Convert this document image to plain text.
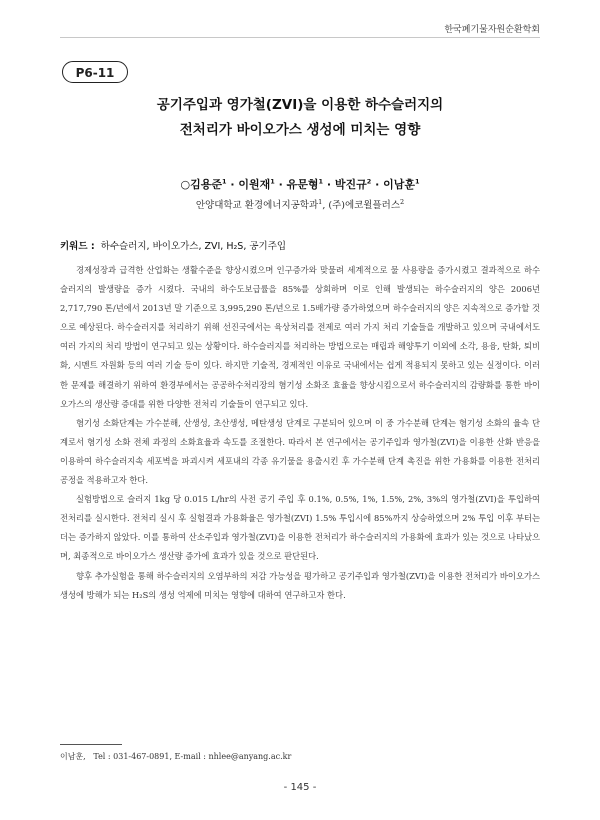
한국폐기물자원순환학회
P6-11
공기주입과 영가철(ZVI)을 이용한 하수슬러지의
전처리가 바이오가스 생성에 미치는 영향
○김용준$^1$ · 이원재$^1$ · 유문형$^1$ · 박진규$^2$ · 이남훈$^1$
안양대학교 환경에너지공학과$^1$, (주)에코윌플러스$^2$
키워드 : 하수슬러지, 바이오가스, ZVI, H₂S, 공기주입

경제성장과 급격한 산업화는 생활수준을 향상시켰으며 인구증가와 맞물려 세계적으로 물 사용량을 증가시켰고 결과적으로 하수슬러지의 발생량을 증가 시켰다. 국내의 하수도보급률을 85%를 상회하며 이로 인해 발생되는 하수슬러지의 양은 2006년 2,717,790 톤/년에서 2013년 말 기준으로 3,995,290 톤/년으로 1.5배가량 증가하였으며 하수슬러지의 양은 지속적으로 증가할 것으로 예상된다. 하수슬러지를 처리하기 위해 선진국에서는 육상처리를 전제로 여러 가지 처리 기술들을 개발하고 있으며 국내에서도 여러 가지의 처리 방법이 연구되고 있는 상황이다. 하수슬러지를 처리하는 방법으로는 매립과 해양투기 이외에 소각, 용융, 탄화, 퇴비화, 시멘트 자원화 등의 여러 기술 등이 있다. 하지만 기술적, 경제적인 이유로 국내에서는 쉽게 적용되지 못하고 있는 실정이다. 이러한 문제를 해결하기 위하여 환경부에서는 공공하수처리장의 혐기성 소화조 효율을 향상시킴으로서 하수슬러지의 감량화를 통한 바이오가스의 생산량 증대를 위한 다양한 전처리 기술들이 연구되고 있다.

혐기성 소화단계는 가수분해, 산생성, 초산생성, 메탄생성 단계로 구분되어 있으며 이 중 가수분해 단계는 혐기성 소화의 율속 단계로서 혐기성 소화 전체 과정의 소화효율과 속도를 조절한다. 따라서 본 연구에서는 공기주입과 영가철(ZVI)을 이용한 산화 반응을 이용하여 하수슬러지속 세포벽을 파괴시켜 세포내의 각종 유기물을 용출시킨 후 가수분해 단계 촉진을 위한 가용화를 이용한 전처리 공정을 적용하고자 한다.

실험방법으로 슬러지 1kg 당 0.015 L/hr의 사전 공기 주입 후 0.1%, 0.5%, 1%, 1.5%, 2%, 3%의 영가철(ZVI)을 투입하여 전처리를 실시한다. 전처리 실시 후 실험결과 가용화율은 영가철(ZVI) 1.5% 투입시에 85%까지 상승하였으며 2% 투입 이후 부터는 더는 증가하지 않았다. 이를 통하여 산소주입과 영가철(ZVI)을 이용한 전처리가 하수슬러지의 가용화에 효과가 있는 것으로 나타났으며, 최종적으로 바이오가스 생산량 증가에 효과가 있을 것으로 판단된다.

향후 추가실험을 통해 하수슬러지의 오염부하의 저감 가능성을 평가하고 공기주입과 영가철(ZVI)을 이용한 전처리가 바이오가스 생성에 방해가 되는 H₂S의 생성 억제에 미치는 영향에 대하여 연구하고자 한다.

이남훈,   Tel : 031-467-0891, E-mail : nhlee@anyang.ac.kr
- 145 -
